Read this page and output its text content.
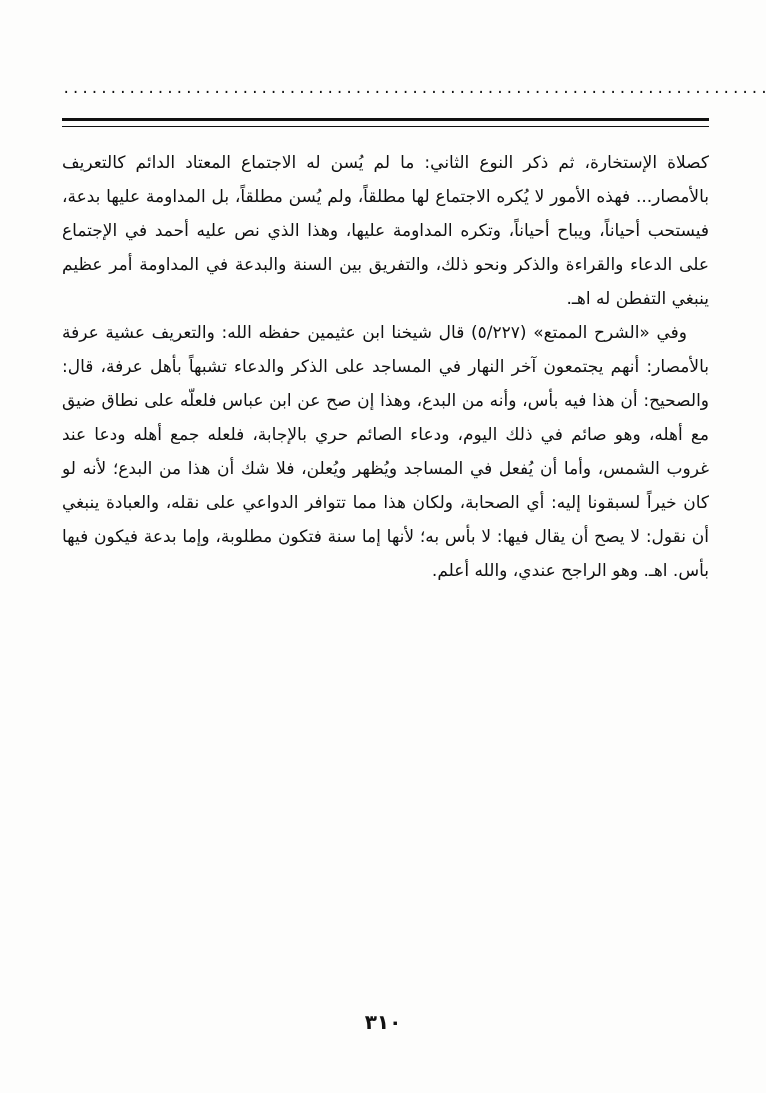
...........................................................................

كصلاة الإستخارة، ثم ذكر النوع الثاني: ما لم يُسن له الاجتماع المعتاد الدائم كالتعريف بالأمصار... فهذه الأمور لا يُكره الاجتماع لها مطلقاً، ولم يُسن مطلقاً، بل المداومة عليها بدعة، فيستحب أحياناً، ويباح أحياناً، وتكره المداومة عليها، وهذا الذي نص عليه أحمد في الإجتماع على الدعاء والقراءة والذكر ونحو ذلك، والتفريق بين السنة والبدعة في المداومة أمر عظيم ينبغي التفطن له اهـ.

وفي «الشرح الممتع» (٥/٢٢٧) قال شيخنا ابن عثيمين حفظه الله: والتعريف عشية عرفة بالأمصار: أنهم يجتمعون آخر النهار في المساجد على الذكر والدعاء تشبهاً بأهل عرفة، قال: والصحيح: أن هذا فيه بأس، وأنه من البدع، وهذا إن صح عن ابن عباس فلعلّه على نطاق ضيق مع أهله، وهو صائم في ذلك اليوم، ودعاء الصائم حري بالإجابة، فلعله جمع أهله ودعا عند غروب الشمس، وأما أن يُفعل في المساجد ويُظهر ويُعلن، فلا شك أن هذا من البدع؛ لأنه لو كان خيراً لسبقونا إليه: أي الصحابة، ولكان هذا مما تتوافر الدواعي على نقله، والعبادة ينبغي أن نقول: لا يصح أن يقال فيها: لا بأس به؛ لأنها إما سنة فتكون مطلوبة، وإما بدعة فيكون فيها بأس. اهـ. وهو الراجح عندي، والله أعلم.

٣١٠
